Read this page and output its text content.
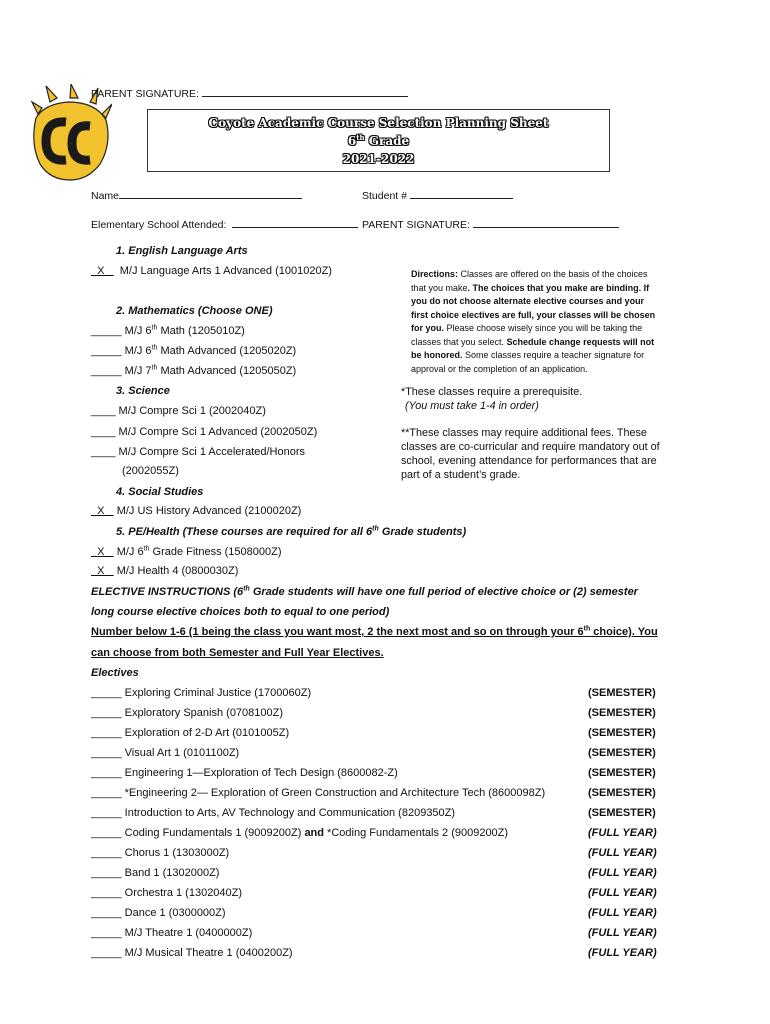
CC
PARENT SIGNATURE:
Coyote Academic Course Selection Planning Sheet
6th Grade
2021-2022
Name	Student #
Elementary School Attended:	PARENT SIGNATURE:
1. English Language Arts
X M/J Language Arts 1 Advanced (1001020Z)
2. Mathematics (Choose ONE)
_____ M/J 6th Math (1205010Z)
_____ M/J 6th Math Advanced (1205020Z)
_____ M/J 7th Math Advanced (1205050Z)
3. Science
____ M/J Compre Sci 1 (2002040Z)
____ M/J Compre Sci 1 Advanced (2002050Z)
____ M/J Compre Sci 1 Accelerated/Honors
(2002055Z)
4. Social Studies
X M/J US History Advanced (2100020Z)
5. PE/Health (These courses are required for all 6th Grade students)
X M/J 6th Grade Fitness (1508000Z)
X M/J Health 4 (0800030Z)
Directions: Classes are offered on the basis of the choices that you make. The choices that you make are binding. If you do not choose alternate elective courses and your first choice electives are full, your classes will be chosen for you. Please choose wisely since you will be taking the classes that you select. Schedule change requests will not be honored. Some classes require a teacher signature for approval or the completion of an application.
*These classes require a prerequisite.
(You must take 1-4 in order)
**These classes may require additional fees. These classes are co-curricular and require mandatory out of school, evening attendance for performances that are part of a student’s grade.
ELECTIVE INSTRUCTIONS (6th Grade students will have one full period of elective choice or (2) semester
long course elective choices both to equal to one period)
Number below 1-6 (1 being the class you want most, 2 the next most and so on through your 6th choice). You
can choose from both Semester and Full Year Electives.
Electives
_____ Exploring Criminal Justice (1700060Z)	(SEMESTER)
_____ Exploratory Spanish (0708100Z)	(SEMESTER)
_____ Exploration of 2-D Art (0101005Z)	(SEMESTER)
_____ Visual Art 1 (0101100Z)	(SEMESTER)
_____ Engineering 1—Exploration of Tech Design (8600082-Z)	(SEMESTER)
_____ *Engineering 2— Exploration of Green Construction and Architecture Tech (8600098Z)	(SEMESTER)
_____ Introduction to Arts, AV Technology and Communication (8209350Z)	(SEMESTER)
_____ Coding Fundamentals 1 (9009200Z) and *Coding Fundamentals 2 (9009200Z)	(FULL YEAR)
_____ Chorus 1 (1303000Z)	(FULL YEAR)
_____ Band 1 (1302000Z)	(FULL YEAR)
_____ Orchestra 1 (1302040Z)	(FULL YEAR)
_____ Dance 1 (0300000Z)	(FULL YEAR)
_____ M/J Theatre 1 (0400000Z)	(FULL YEAR)
_____ M/J Musical Theatre 1 (0400200Z)	(FULL YEAR)
